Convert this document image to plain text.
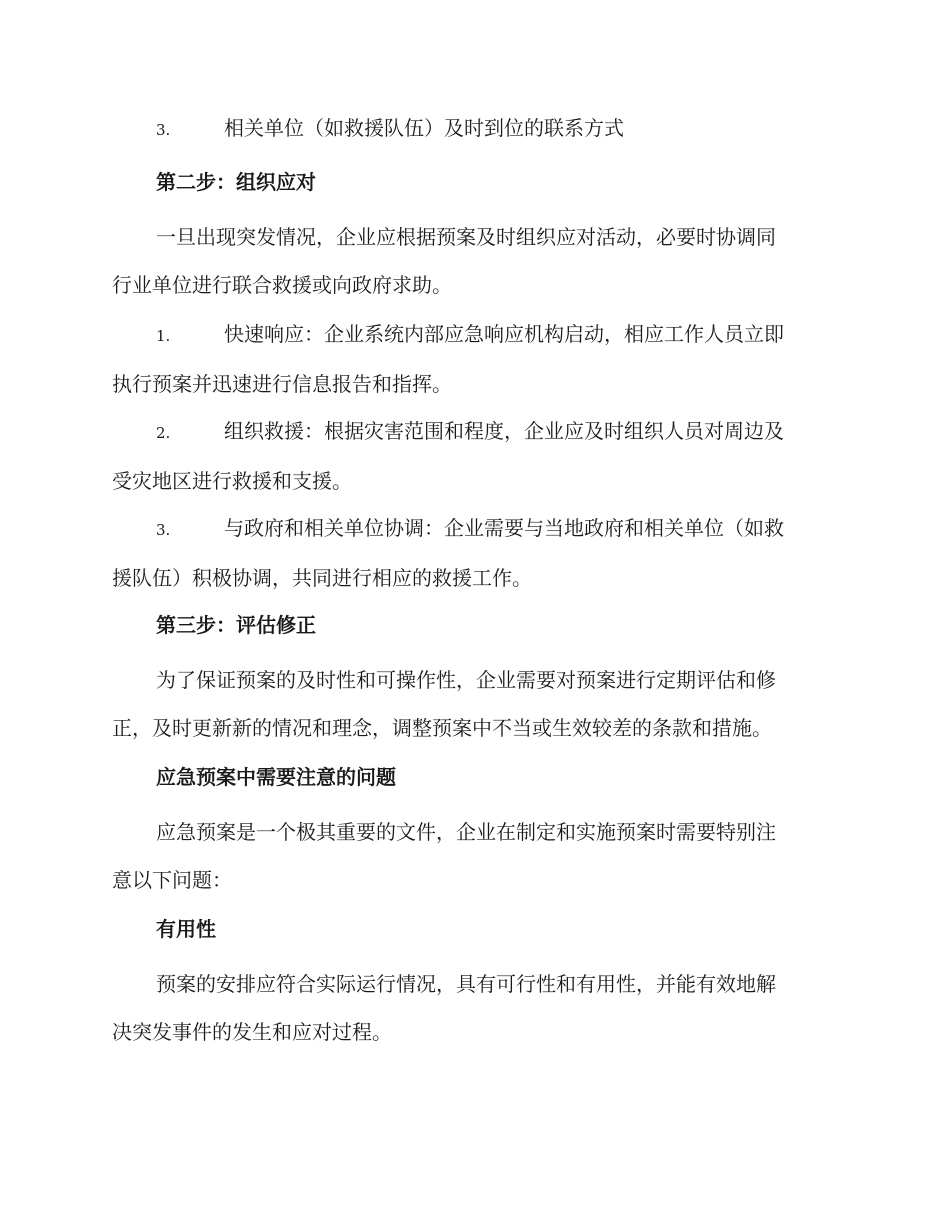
3.	相关单位（如救援队伍）及时到位的联系方式
第二步：组织应对
一旦出现突发情况，企业应根据预案及时组织应对活动，必要时协调同
行业单位进行联合救援或向政府求助。
1.	快速响应：企业系统内部应急响应机构启动，相应工作人员立即
执行预案并迅速进行信息报告和指挥。
2.	组织救援：根据灾害范围和程度，企业应及时组织人员对周边及
受灾地区进行救援和支援。
3.	与政府和相关单位协调：企业需要与当地政府和相关单位（如救
援队伍）积极协调，共同进行相应的救援工作。
第三步：评估修正
为了保证预案的及时性和可操作性，企业需要对预案进行定期评估和修
正，及时更新新的情况和理念，调整预案中不当或生效较差的条款和措施。
应急预案中需要注意的问题
应急预案是一个极其重要的文件，企业在制定和实施预案时需要特别注
意以下问题：
有用性
预案的安排应符合实际运行情况，具有可行性和有用性，并能有效地解
决突发事件的发生和应对过程。
